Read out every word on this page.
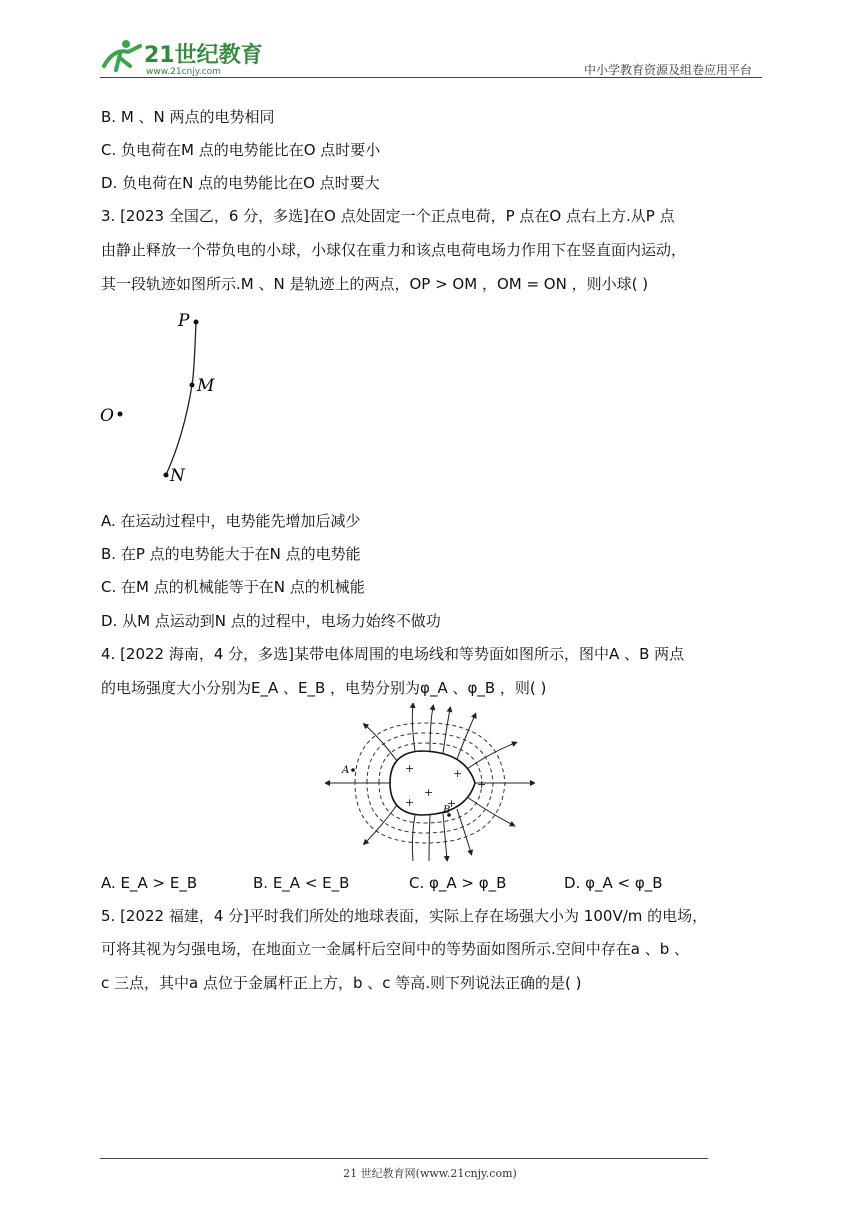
21世纪教育
www.21cnjy.com	中小学教育资源及组卷应用平台
B. M 、N 两点的电势相同
C. 负电荷在M 点的电势能比在O 点时要小
D. 负电荷在N 点的电势能比在O 点时要大
3. [2023 全国乙，6 分，多选]在O 点处固定一个正点电荷，P 点在O 点右上方.从P 点
由静止释放一个带负电的小球，小球仅在重力和该点电荷电场力作用下在竖直面内运动，
其一段轨迹如图所示.M 、N 是轨迹上的两点，OP > OM ，OM = ON ，则小球( )
P
M
O
N
A. 在运动过程中，电势能先增加后减少
B. 在P 点的电势能大于在N 点的电势能
C. 在M 点的机械能等于在N 点的机械能
D. 从M 点运动到N 点的过程中，电场力始终不做功
4. [2022 海南，4 分，多选]某带电体周围的电场线和等势面如图所示，图中A 、B 两点
的电场强度大小分别为E_A 、E_B ，电势分别为φ_A 、φ_B ，则( )
+	+
+
+
+	+
A
B
A. E_A > E_B	B. E_A < E_B	C. φ_A > φ_B	D. φ_A < φ_B
5. [2022 福建，4 分]平时我们所处的地球表面，实际上存在场强大小为 100V/m 的电场，
可将其视为匀强电场，在地面立一金属杆后空间中的等势面如图所示.空间中存在a 、b 、
c 三点，其中a 点位于金属杆正上方，b 、c 等高.则下列说法正确的是( )
21 世纪教育网(www.21cnjy.com)
